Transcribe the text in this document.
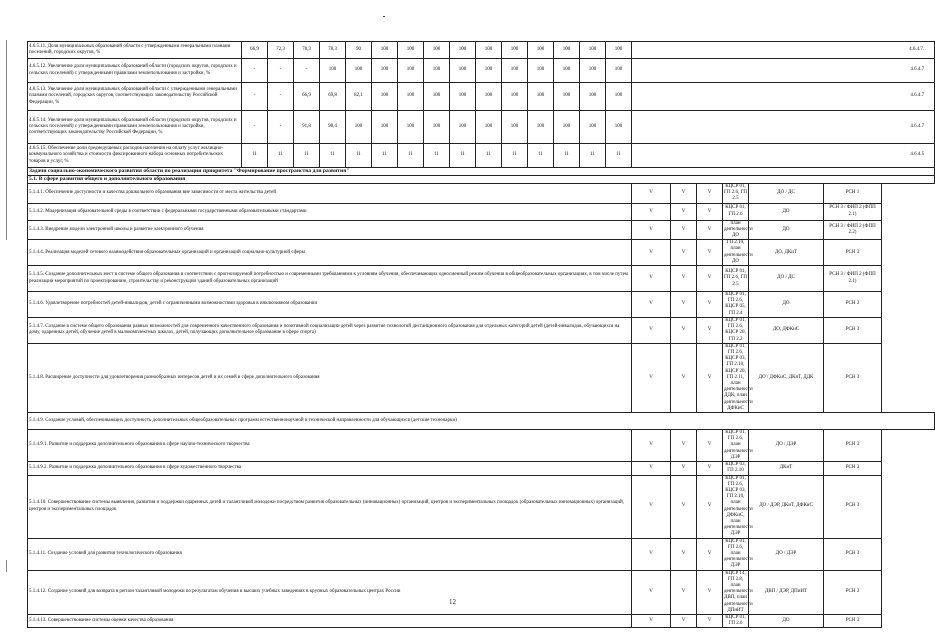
4.6.5.11. Доля муниципальных образований области с утвержденными генеральными планами поселений, городских округов, %	66,9	72,3	78,3	78,3	90	100	100	100	100	100	100	100	100	100	100	4.6.4.7.					
4.6.5.12. Увеличение доли муниципальных образований области (городских округов, городских и сельских поселений) с утвержденными правилами землепользования и застройки, %	-	-	-	100	100	100	100	100	100	100	100	100	100	100	100	4.6.4.7					
4.6.5.13. Увеличение доли муниципальных образований области с утвержденными генеральными планами поселений, городских округов, соответствующих законодательству Российской Федерации, %	-	-	66,9	69,8	82,1	100	100	100	100	100	100	100	100	100	100	4.6.4.7					
4.6.5.14. Увеличение доли муниципальных образований области (городских округов, городских и сельских поселений) с утвержденными правилами землепользования и застройки, соответствующих законодательству Российской Федерации, %	-	-	91,8	98,4	100	100	100	100	100	100	100	100	100	100	100	4.6.4.7					
4.6.5.15. Обеспечение доли среднедушевых расходов населения на оплату услуг жилищно-коммунального хозяйства и стоимости фиксированного набора основных потребительских товаров и услуг, %	11	11	11	11	11	11	11	11	11	11	11	11	11	11	11	4.6.4.5					
Задачи социально-экономического развития области по реализации приоритета "Формирование пространства для развития"																					
5.1. В сфере развития общего и дополнительного образования																					
5.1.4.1. Обеспечение доступности и качества дошкольного образования вне зависимости от места жительства детей																V	V	V	КЦСР 01, ГП 2.6, ГП 2.5	ДО / ДС	РСН 1
5.1.4.2. Модернизация образовательной среды в соответствии с федеральными государственными образовательными стандартами																V	V	V	КЦСР 01, ГП 2.6	ДО	РСН 3 / ФИП 2 (ФПП 2.1)
5.1.4.3. Внедрение модели электронной школы и развитие электронного обучения																V	V	V	план деятельности ДО	ДО	РСН 3 / ФИП 2 (ФПП 2.2)
5.1.4.4. Реализация моделей сетевого взаимодействия образовательных организаций и организаций социально-культурной сферы																V	V	V	ГП 2.10, план деятельности ДО	ДО, ДКиТ	РСН 3
5.1.4.5. Создание дополнительных мест в системе общего образования в соответствии с прогнозируемой потребностью и современными требованиями к условиям обучения, обеспечивающих односменный режим обучения в общеобразовательных организациях, в том числе путем реализации мероприятий по проектированию, строительству и реконструкции зданий образовательных организаций																V	V	V	КЦСР 01, ГП 2.6, ГП 2.5	ДО / ДС	РСН 3 / ФИП 2 (ФПП 2.1)
5.1.4.6. Удовлетворение потребностей детей-инвалидов, детей с ограниченными возможностями здоровья в инклюзивном образовании																V	V	V	КЦСР 01, ГП 2.6, КЦСР 05, ГП 2.4	ДО	РСН 3
5.1.4.7. Создание в системе общего образования равных возможностей для современного качественного образования и позитивной социализации детей через развитие технологий дистанционного образования для отдельных категорий детей (детей-инвалидов, обучающихся на дому, одаренных детей, обучение детей в малокомплектных школах, детей, получающих дополнительное образование в сфере спорта)																V	V	V	КЦСР 01, ГП 2.6, КЦСР 20, ГП 2.2	ДО, ДФКиС	РСН 3
5.1.4.8. Расширение доступности для удовлетворения разнообразных интересов детей и их семей в сфере дополнительного образования																V	V	V	КЦСР 01, ГП 2.6, КЦСР 03, ГП 2.10, КЦСР 20, ГП 2.11, план деятельности ДДК, план деятельности ДФКиС	ДО / ДФКиС, ДКиТ, ДДК	РСН 3
5.1.4.9. Создание условий, обеспечивающих доступность дополнительных общеобразовательных программ естественнонаучной и технической направленности для обучающихся (детские технопарки)																					
5.1.4.9.1. Развитие и поддержка дополнительного образования в сфере научно-технического творчества																V	V	V	КЦСР 01, ГП 2.6, план деятельности ДЭР	ДО / ДЭР	РСН 3
5.1.4.9.2. Развитие и поддержка дополнительного образования в сфере художественного творчества																V	V	V	КЦСР 03, ГП 2.10	ДКиТ	РСН 3
5.1.4.10. Совершенствование системы выявления, развития и поддержки одаренных детей и талантливой молодежи посредством развития образовательных (инновационных) организаций, центров и экспериментальных площадок (образовательных инновационных) организаций, центров и экспериментальных площадок																V	V	V	КЦСР 01, ГП 2.6, КЦСР 03, ГП 2.10, план деятельности ДФКиС, план деятельности ДЭР	ДО / ДЭР, ДКиТ, ДФКиС	РСН 3
5.1.4.11. Создание условий для развития технологического образования																V	V	V	КЦСР 01, ГП 2.6, план деятельности ДЭР	ДО / ДЭР	РСН 3
5.1.4.12. Создание условий для возврата в регион талантливой молодежи по результатам обучения в высших учебных заведениях в крупных образовательных центрах России																V	V	V	КЦСР 14, ГП 2.8, план деятельности ДВП, план деятельности ДПиИТ	ДВП / ДЭР, ДПиИТ	РСН 3
5.1.4.13. Совершенствование системы оценки качества образования																V	V	V	КЦСР 01, ГП 2.6	ДО	РСН 3
12
